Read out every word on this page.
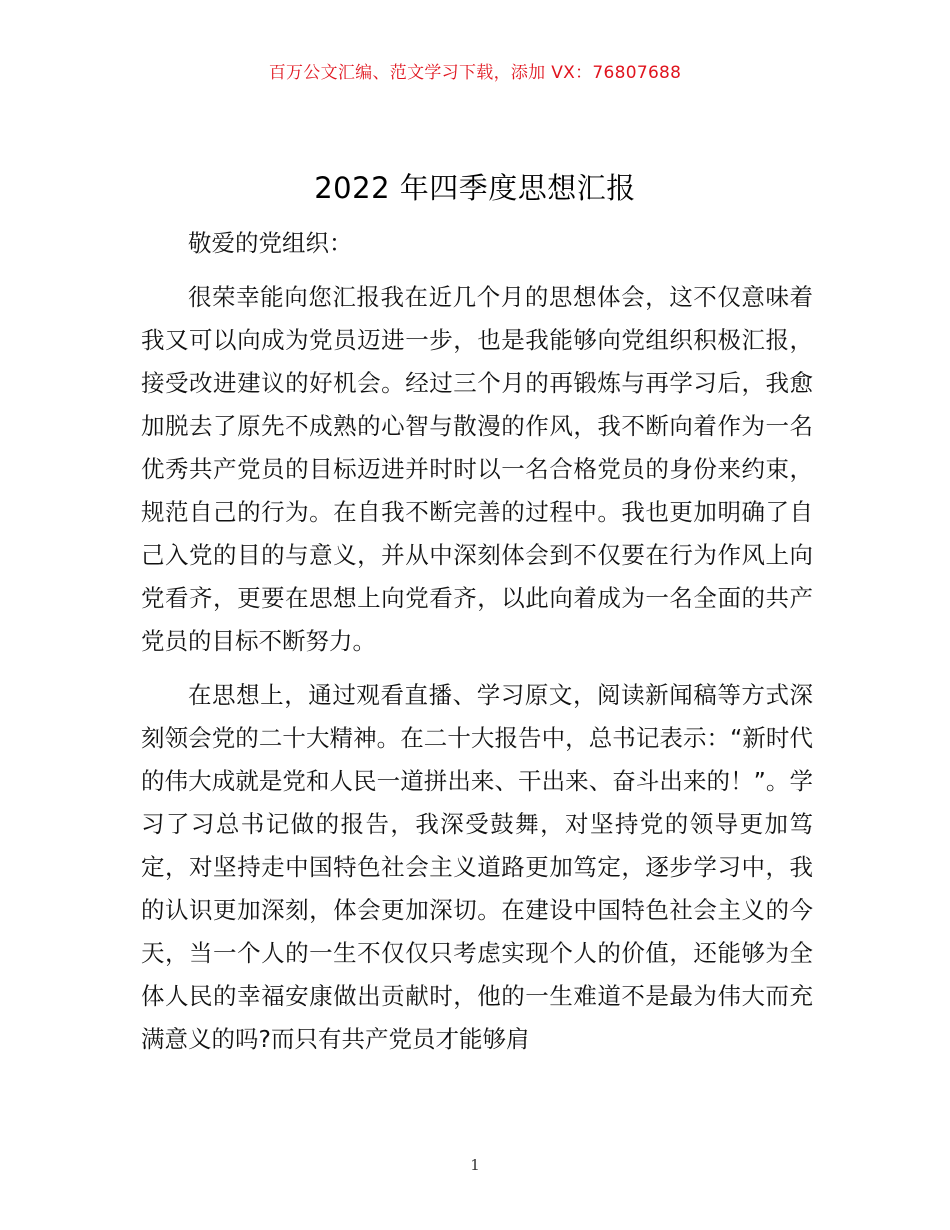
百万公文汇编、范文学习下载，添加 VX：76807688
2022 年四季度思想汇报

敬爱的党组织：

很荣幸能向您汇报我在近几个月的思想体会，这不仅意味着我又可以向成为党员迈进一步，也是我能够向党组织积极汇报，接受改进建议的好机会。经过三个月的再锻炼与再学习后，我愈加脱去了原先不成熟的心智与散漫的作风，我不断向着作为一名优秀共产党员的目标迈进并时时以一名合格党员的身份来约束，规范自己的行为。在自我不断完善的过程中。我也更加明确了自己入党的目的与意义，并从中深刻体会到不仅要在行为作风上向党看齐，更要在思想上向党看齐，以此向着成为一名全面的共产党员的目标不断努力。

在思想上，通过观看直播、学习原文，阅读新闻稿等方式深刻领会党的二十大精神。在二十大报告中，总书记表示：“新时代的伟大成就是党和人民一道拼出来、干出来、奋斗出来的！”。学习了习总书记做的报告，我深受鼓舞，对坚持党的领导更加笃定，对坚持走中国特色社会主义道路更加笃定，逐步学习中，我的认识更加深刻，体会更加深切。在建设中国特色社会主义的今天，当一个人的一生不仅仅只考虑实现个人的价值，还能够为全体人民的幸福安康做出贡献时，他的一生难道不是最为伟大而充满意义的吗?而只有共产党员才能够肩

1
